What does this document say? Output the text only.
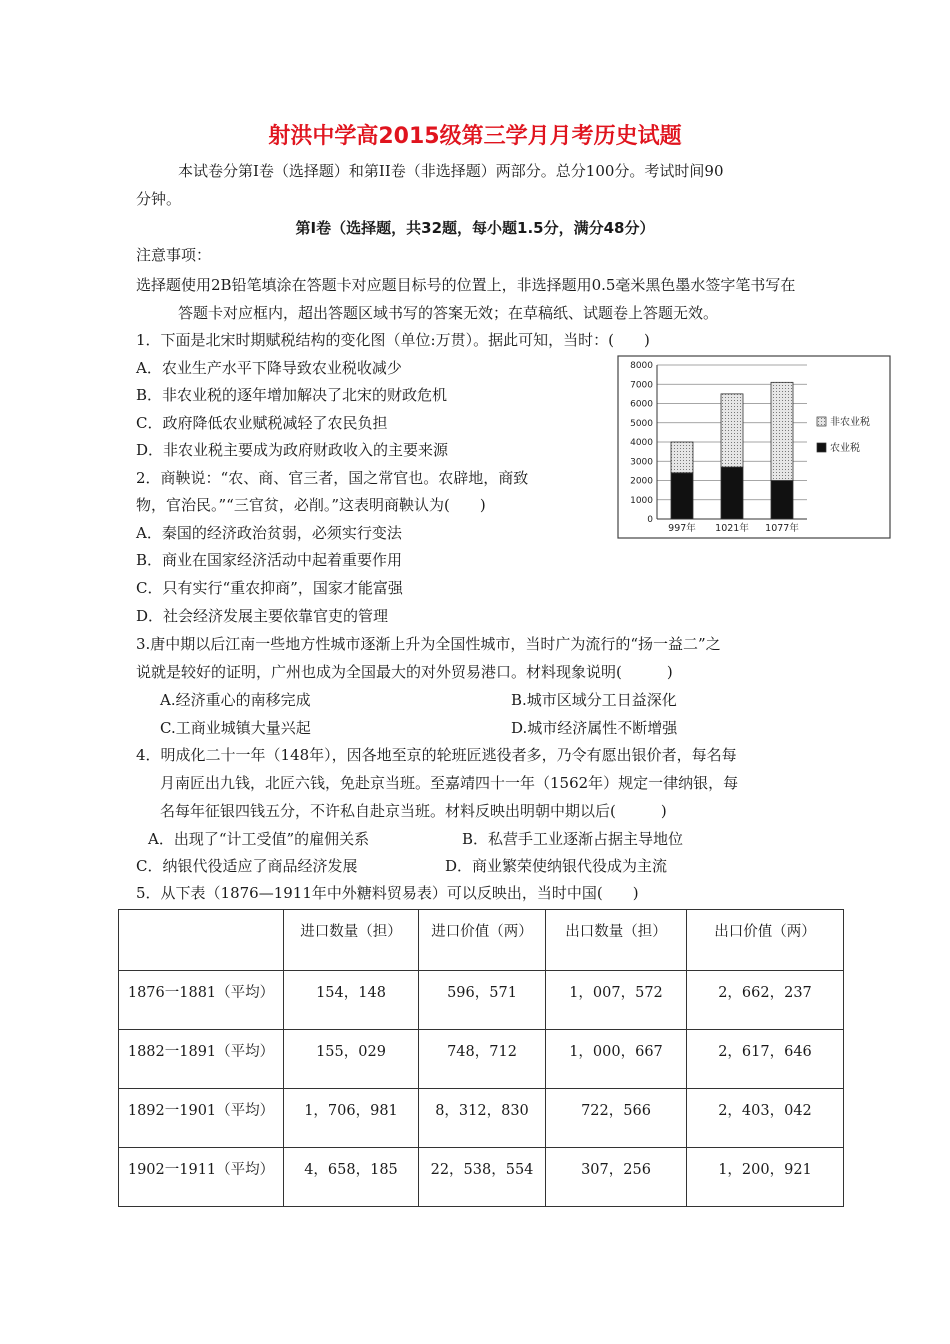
射洪中学高2015级第三学月月考历史试题
本试卷分第Ⅰ卷（选择题）和第II卷（非选择题）两部分。总分100分。考试时间90
分钟。
第Ⅰ卷（选择题，共32题，每小题1.5分，满分48分）
注意事项：
选择题使用2B铅笔填涂在答题卡对应题目标号的位置上，非选择题用0.5毫米黑色墨水签字笔书写在
答题卡对应框内，超出答题区域书写的答案无效；在草稿纸、试题卷上答题无效。
1．下面是北宋时期赋税结构的变化图（单位:万贯）。据此可知，当时：(　　)
A．农业生产水平下降导致农业税收减少
B．非农业税的逐年增加解决了北宋的财政危机
C．政府降低农业赋税减轻了农民负担
D．非农业税主要成为政府财政收入的主要来源
2．商鞅说：“农、商、官三者，国之常官也。农辟地，商致
物，官治民。”“三官贫，必削。”这表明商鞅认为(　　)
A．秦国的经济政治贫弱，必须实行变法
B．商业在国家经济活动中起着重要作用
C．只有实行“重农抑商”，国家才能富强
D．社会经济发展主要依靠官吏的管理
3.唐中期以后江南一些地方性城市逐渐上升为全国性城市，当时广为流行的“扬一益二”之
说就是较好的证明，广州也成为全国最大的对外贸易港口。材料现象说明(　　　)
A.经济重心的南移完成	B.城市区域分工日益深化
C.工商业城镇大量兴起	D.城市经济属性不断增强
4．明成化二十一年（148年），因各地至京的轮班匠逃役者多，乃令有愿出银价者，每名每
月南匠出九钱，北匠六钱，免赴京当班。至嘉靖四十一年（1562年）规定一律纳银，每
名每年征银四钱五分，不许私自赴京当班。材料反映出明朝中期以后(　　　)
A．出现了“计工受值”的雇佣关系	B．私营手工业逐渐占据主导地位
C．纳银代役适应了商品经济发展	D．商业繁荣使纳银代役成为主流
5．从下表（1876—1911年中外糖料贸易表）可以反映出，当时中国(　　)
	进口数量（担）	进口价值（两）	出口数量（担）	出口价值（两）
1876一1881（平均）	154，148	596，571	1，007，572	2，662，237
1882一1891（平均）	155，029	748，712	1，000，667	2，617，646
1892一1901（平均）	1，706，981	8，312，830	722，566	2，403，042
1902一1911（平均）	4，658，185	22，538，554	307，256	1，200，921
0
1000
2000
3000
4000
5000
6000
7000
8000
997年 1021年 1077年
非农业税
农业税
